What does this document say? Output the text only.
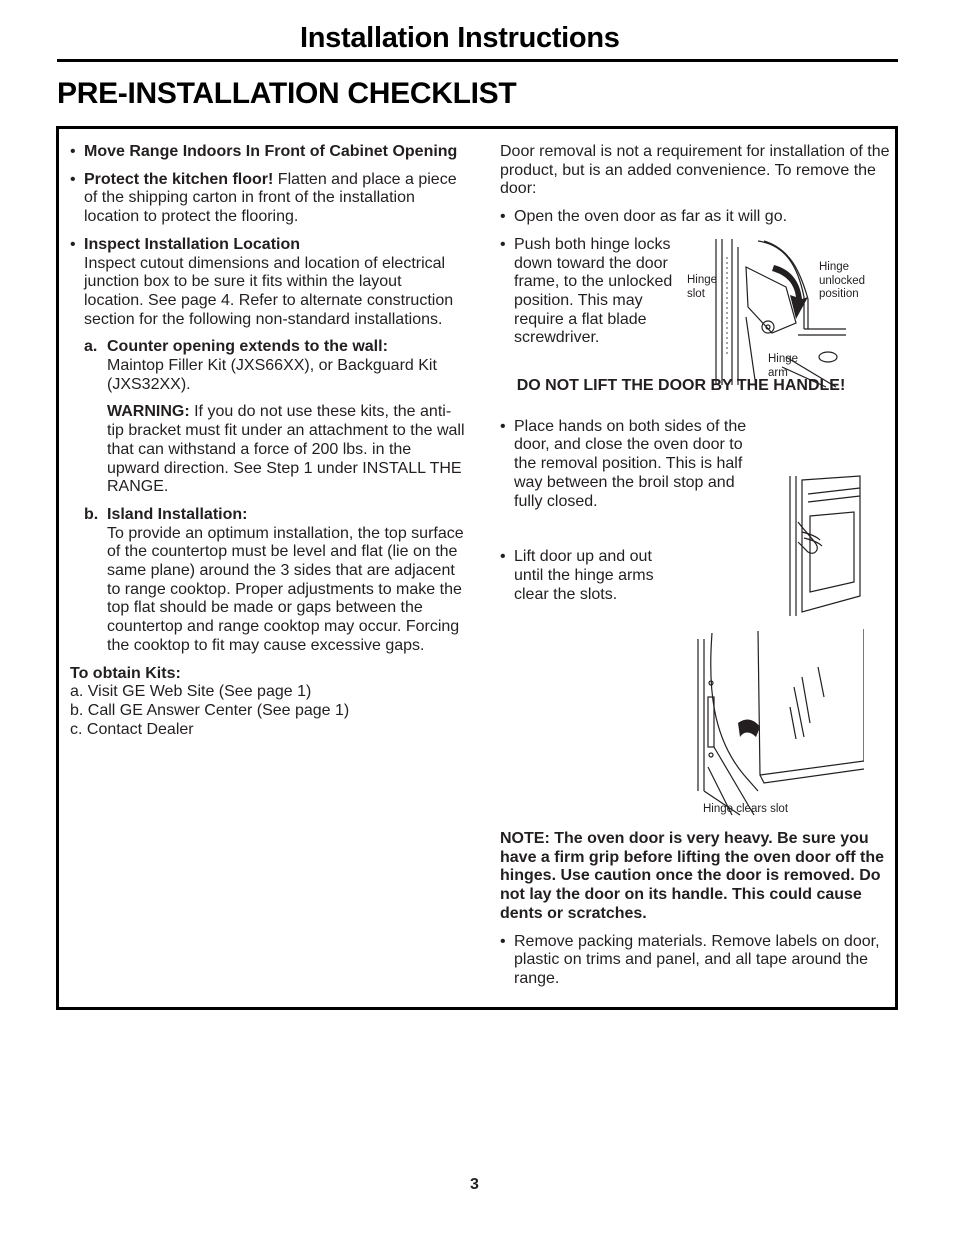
Installation Instructions
PRE-INSTALLATION CHECKLIST
• Move Range Indoors In Front of Cabinet Opening
• Protect the kitchen floor! Flatten and place a piece of the shipping carton in front of the installation location to protect the flooring.
• Inspect Installation Location
Inspect cutout dimensions and location of electrical junction box to be sure it fits within the layout location. See page 4. Refer to alternate construction section for the following non-standard installations.
a. Counter opening extends to the wall:

Maintop Filler Kit (JXS66XX), or Backguard Kit (JXS32XX).

WARNING: If you do not use these kits, the anti-tip bracket must fit under an attachment to the wall that can withstand a force of 200 lbs. in the upward direction. See Step 1 under INSTALL THE RANGE.

b. Island Installation:

To provide an optimum installation, the top surface of the countertop must be level and flat (lie on the same plane) around the 3 sides that are adjacent to range cooktop. Proper adjustments to make the top flat should be made or gaps between the countertop and range cooktop may occur. Forcing the cooktop to fit may cause excessive gaps.

To obtain Kits:

a. Visit GE Web Site (See page 1)

b. Call GE Answer Center (See page 1)

c. Contact Dealer

Door removal is not a requirement for installation of the product, but is an added convenience. To remove the door:

• Open the oven door as far as it will go.
• Push both hinge locks down toward the door frame, to the unlocked position. This may require a flat blade screwdriver.
DO NOT LIFT THE DOOR BY THE HANDLE!
• Place hands on both sides of the door, and close the oven door to the removal position. This is half way between the broil stop and fully closed.
• Lift door up and out until the hinge arms clear the slots.

NOTE: The oven door is very heavy. Be sure you have a firm grip before lifting the oven door off the hinges. Use caution once the door is removed. Do not lay the door on its handle. This could cause dents or scratches.

• Remove packing materials. Remove labels on door, plastic on trims and panel, and all tape around the range.
Hinge slot
Hinge unlocked position
Hinge arm
Hinge clears slot
3
